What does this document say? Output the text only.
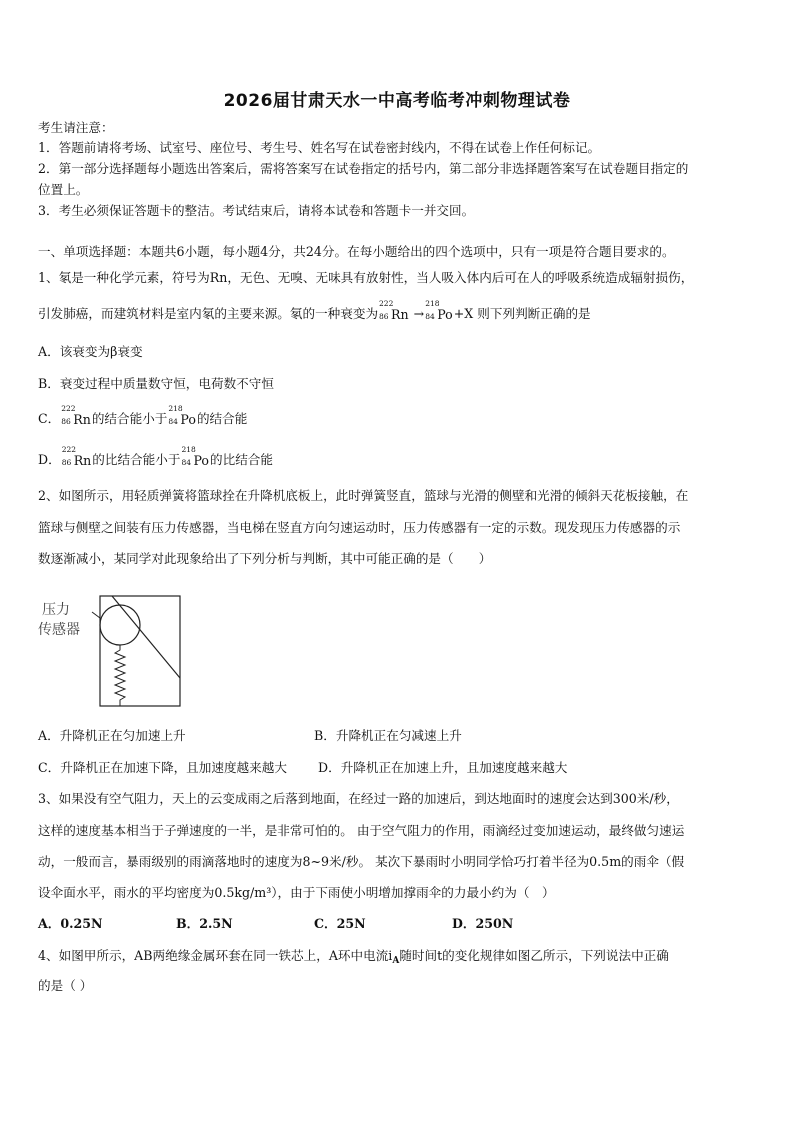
2026届甘肃天水一中高考临考冲刺物理试卷
考生请注意：
1．答题前请将考场、试室号、座位号、考生号、姓名写在试卷密封线内，不得在试卷上作任何标记。
2．第一部分选择题每小题选出答案后，需将答案写在试卷指定的括号内，第二部分非选择题答案写在试卷题目指定的
位置上。
3．考生必须保证答题卡的整洁。考试结束后，请将本试卷和答题卡一并交回。
一、单项选择题：本题共6小题，每小题4分，共24分。在每小题给出的四个选项中，只有一项是符合题目要求的。
1、氡是一种化学元素，符号为Rn，无色、无嗅、无味具有放射性，当人吸入体内后可在人的呼吸系统造成辐射损伤，
引发肺癌，而建筑材料是室内氡的主要来源。氡的一种衰变为
222
86 Rn →
218
84 Po+X 则下列判断正确的是
A．该衰变为β衰变
B．衰变过程中质量数守恒，电荷数不守恒
C．
222
86 Rn的结合能小于
218
84 Po的结合能
D．
222
86 Rn的比结合能小于
218
84 Po的比结合能
2、如图所示，用轻质弹簧将篮球拴在升降机底板上，此时弹簧竖直，篮球与光滑的侧壁和光滑的倾斜天花板接触，在
篮球与侧壁之间装有压力传感器，当电梯在竖直方向匀速运动时，压力传感器有一定的示数。现发现压力传感器的示
数逐渐减小，某同学对此现象给出了下列分析与判断，其中可能正确的是（　　）
压力
传感器
A．升降机正在匀加速上升	B．升降机正在匀减速上升
C．升降机正在加速下降，且加速度越来越大 D．升降机正在加速上升，且加速度越来越大
3、如果没有空气阻力，天上的云变成雨之后落到地面，在经过一路的加速后，到达地面时的速度会达到300米/秒，
这样的速度基本相当于子弹速度的一半，是非常可怕的。 由于空气阻力的作用，雨滴经过变加速运动，最终做匀速运
动，一般而言，暴雨级别的雨滴落地时的速度为8~9米/秒。 某次下暴雨时小明同学恰巧打着半径为0.5m的雨伞（假
设伞面水平，雨水的平均密度为0.5kg/m³），由于下雨使小明增加撑雨伞的力最小约为（　）
A．0.25N	B．2.5N	C．25N	D．250N
4、如图甲所示，AB两绝缘金属环套在同一铁芯上，A环中电流$i_A$随时间t的变化规律如图乙所示，下列说法中正确
的是（ ）
